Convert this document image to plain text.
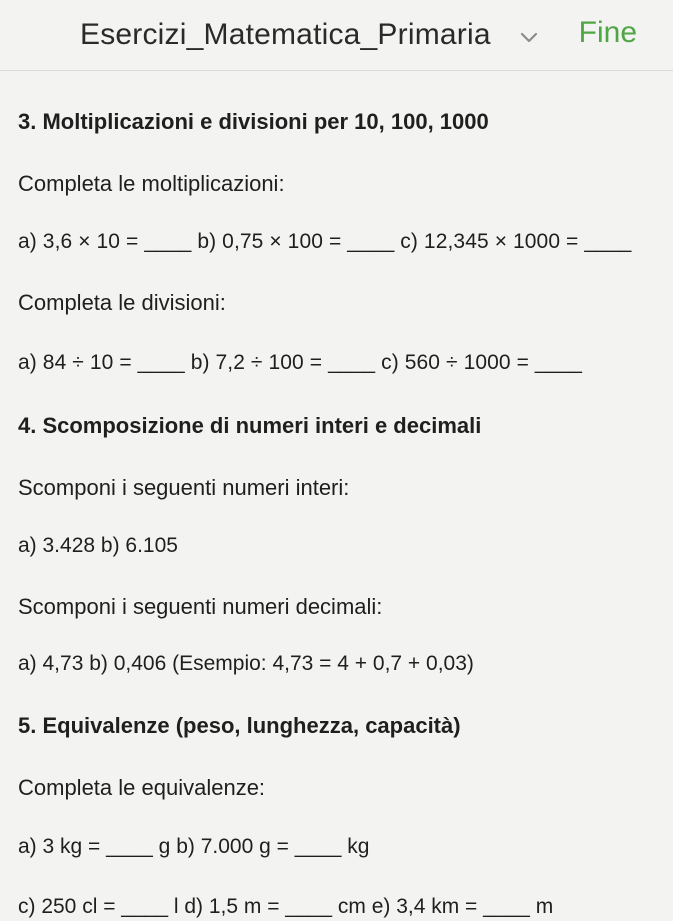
Esercizi_Matematica_Primaria	Fine
3. Moltiplicazioni e divisioni per 10, 100, 1000
Completa le moltiplicazioni:
a) 3,6 × 10 = ____ b) 0,75 × 100 = ____ c) 12,345 × 1000 = ____
Completa le divisioni:
a) 84 ÷ 10 = ____ b) 7,2 ÷ 100 = ____ c) 560 ÷ 1000 = ____
4. Scomposizione di numeri interi e decimali
Scomponi i seguenti numeri interi:
a) 3.428 b) 6.105
Scomponi i seguenti numeri decimali:
a) 4,73 b) 0,406 (Esempio: 4,73 = 4 + 0,7 + 0,03)
5. Equivalenze (peso, lunghezza, capacità)
Completa le equivalenze:
a) 3 kg = ____ g b) 7.000 g = ____ kg
c) 250 cl = ____ l d) 1,5 m = ____ cm e) 3,4 km = ____ m
